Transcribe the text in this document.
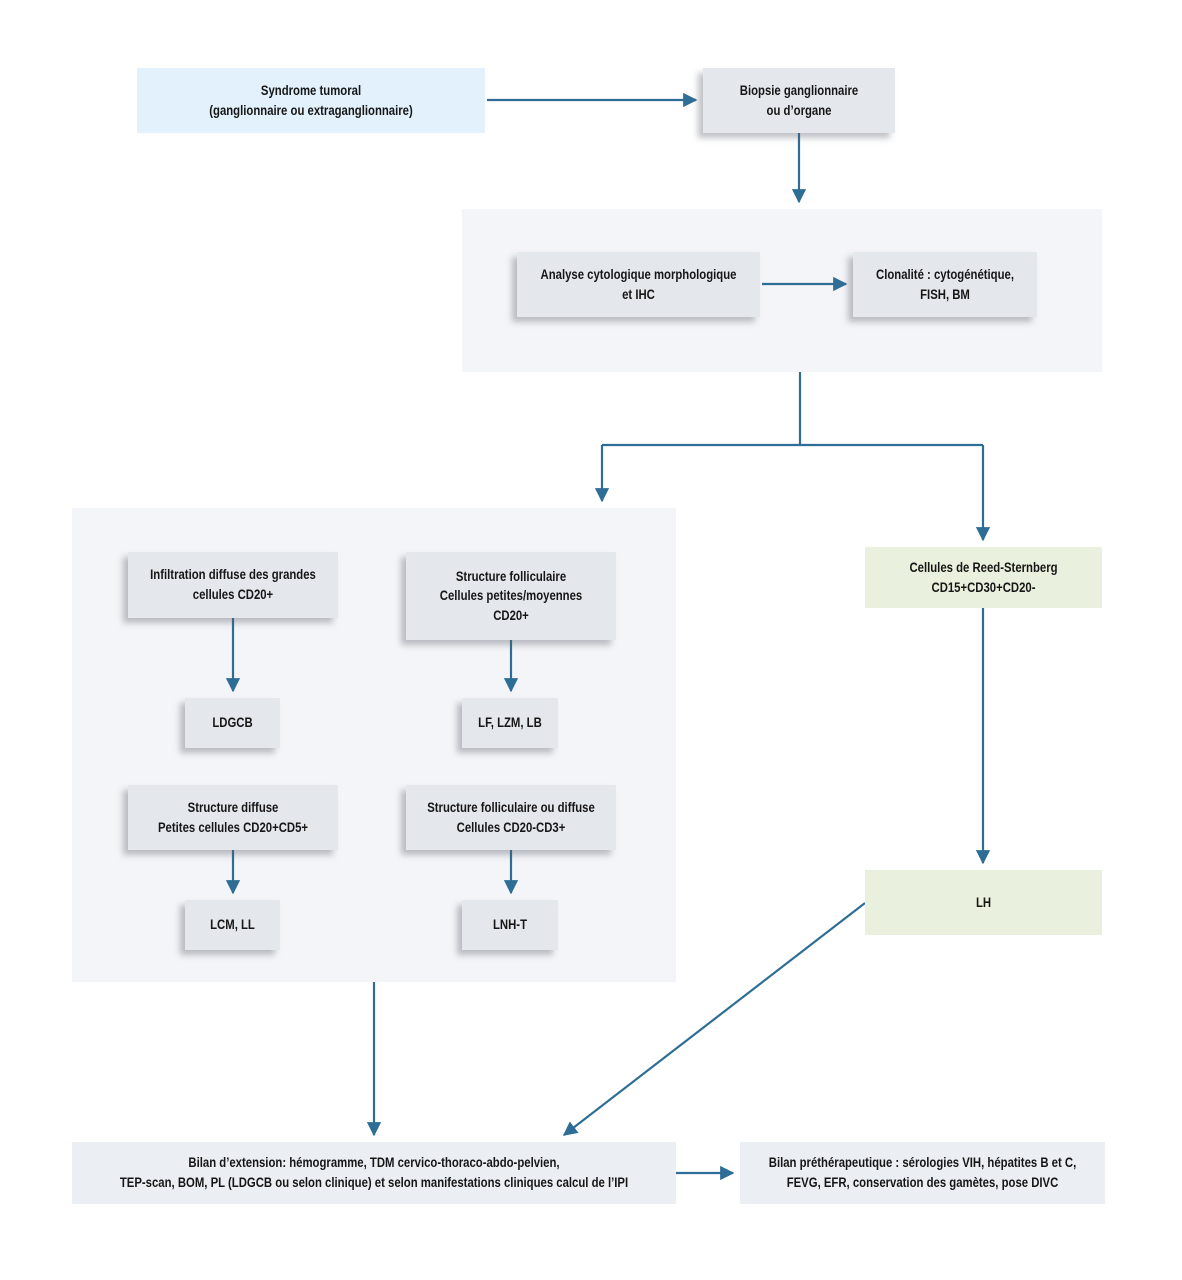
Syndrome tumoral
(ganglionnaire ou extraganglionnaire)
Biopsie ganglionnaire
ou d’organe
Analyse cytologique morphologique
et IHC
Clonalité : cytogénétique,
FISH, BM
Infiltration diffuse des grandes
cellules CD20+
Structure folliculaire
Cellules petites/moyennes
CD20+
LDGCB	LF, LZM, LB
Structure diffuse
Petites cellules CD20+CD5+
Structure folliculaire ou diffuse
Cellules CD20-CD3+
LCM, LL	LNH-T
Cellules de Reed-Sternberg
CD15+CD30+CD20-
LH
Bilan d’extension: hémogramme, TDM cervico-thoraco-abdo-pelvien,
TEP-scan, BOM, PL (LDGCB ou selon clinique) et selon manifestations cliniques calcul de l’IPI
Bilan préthérapeutique : sérologies VIH, hépatites B et C,
FEVG, EFR, conservation des gamètes, pose DIVC
